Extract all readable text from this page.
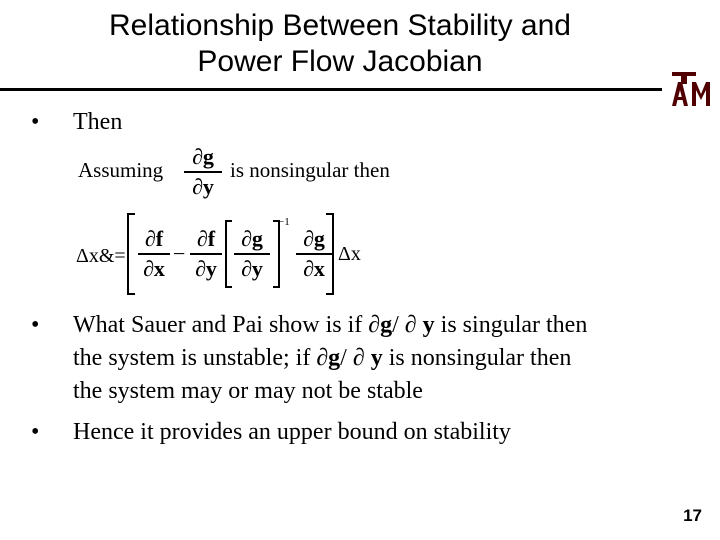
Relationship Between Stability and
Power Flow Jacobian
• Then
Assuming
∂g
∂y
is nonsingular then
Δx&=
∂f
∂x
−
∂f
∂y
∂g
∂y
−1
∂g
∂x
Δx
• What Sauer and Pai show is if ∂g/ ∂ y is singular then
the system is unstable; if ∂g/ ∂ y is nonsingular then
the system may or may not be stable
• Hence it provides an upper bound on stability
17
